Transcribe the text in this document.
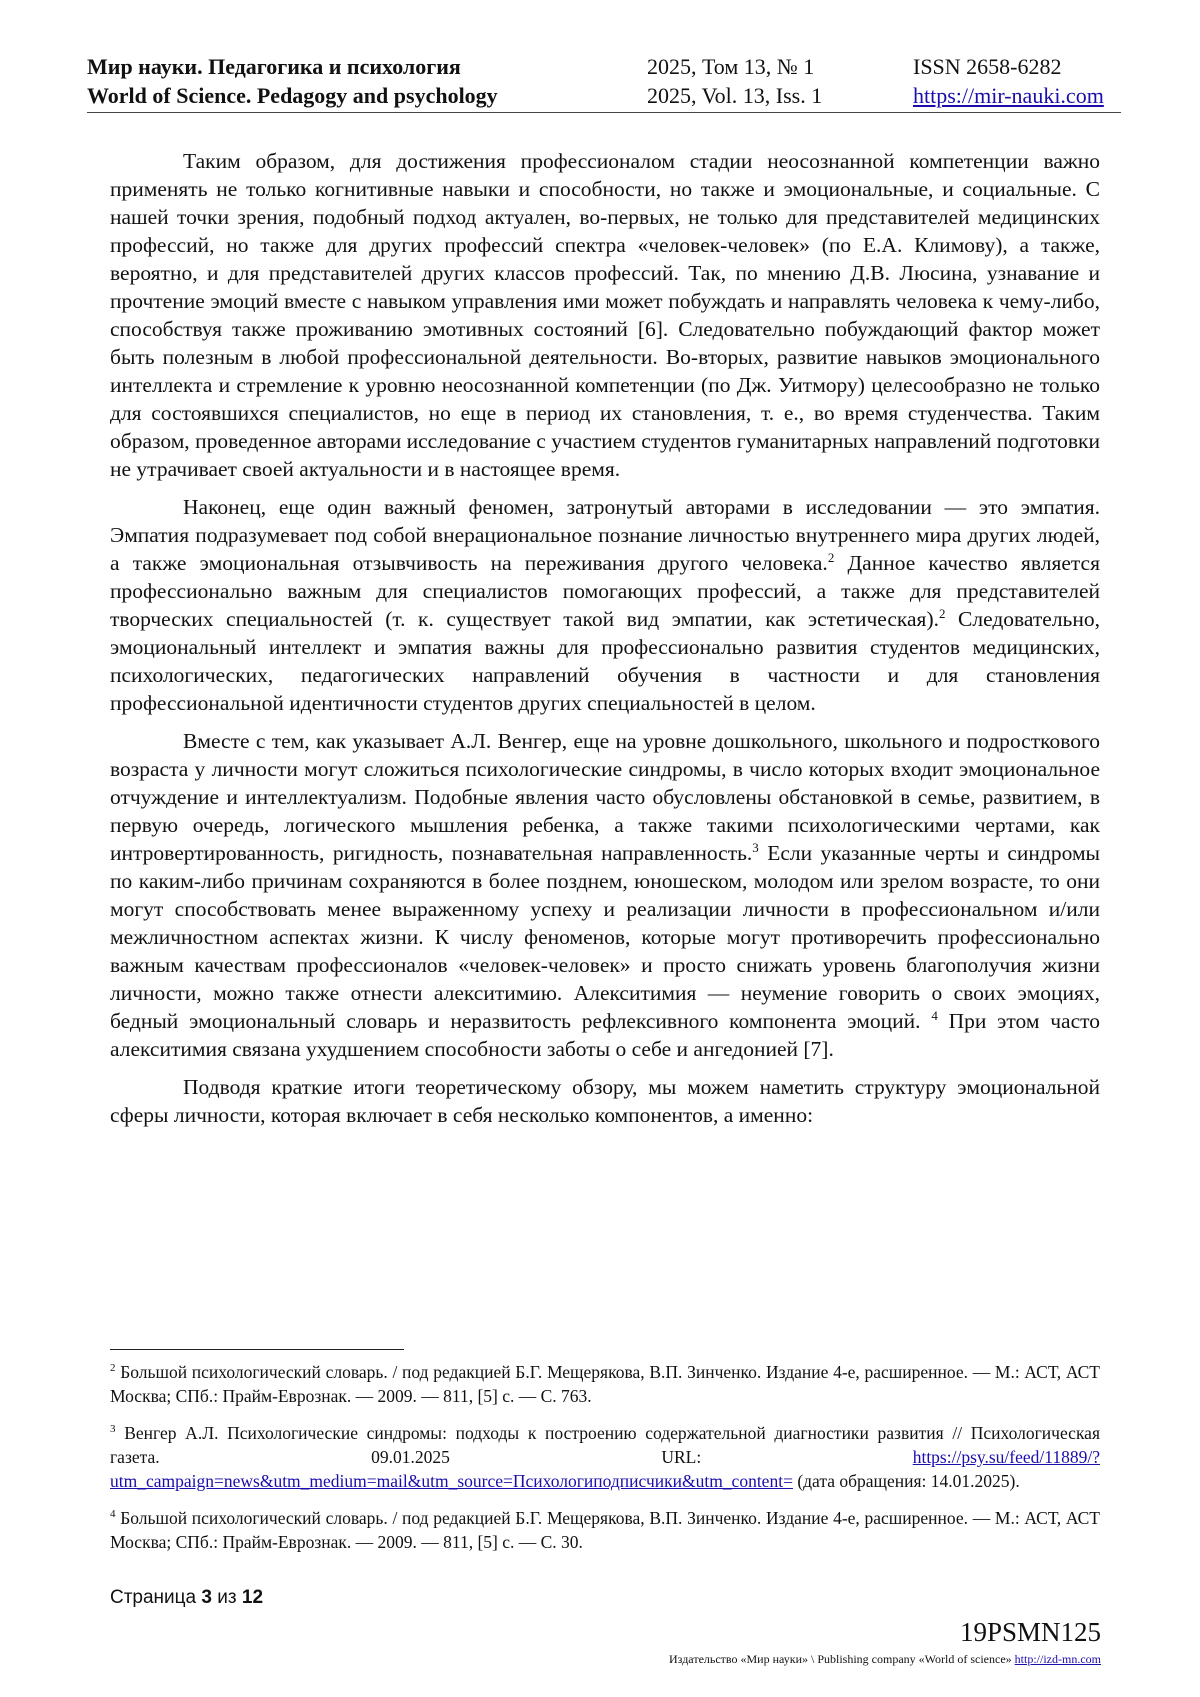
Мир науки. Педагогика и психология
World of Science. Pedagogy and psychology
2025, Том 13, № 1
2025, Vol. 13, Iss. 1
ISSN 2658-6282
https://mir-nauki.com

Таким образом, для достижения профессионалом стадии неосознанной компетенции важно применять не только когнитивные навыки и способности, но также и эмоциональные, и социальные. С нашей точки зрения, подобный подход актуален, во-первых, не только для представителей медицинских профессий, но также для других профессий спектра «человек-человек» (по Е.А. Климову), а также, вероятно, и для представителей других классов профессий. Так, по мнению Д.В. Люсина, узнавание и прочтение эмоций вместе с навыком управления ими может побуждать и направлять человека к чему-либо, способствуя также проживанию эмотивных состояний [6]. Следовательно побуждающий фактор может быть полезным в любой профессиональной деятельности. Во-вторых, развитие навыков эмоционального интеллекта и стремление к уровню неосознанной компетенции (по Дж. Уитмору) целесообразно не только для состоявшихся специалистов, но еще в период их становления, т. е., во время студенчества. Таким образом, проведенное авторами исследование с участием студентов гуманитарных направлений подготовки не утрачивает своей актуальности и в настоящее время.

Наконец, еще один важный феномен, затронутый авторами в исследовании — это эмпатия. Эмпатия подразумевает под собой внерациональное познание личностью внутреннего мира других людей, а также эмоциональная отзывчивость на переживания другого человека.$^2$ Данное качество является профессионально важным для специалистов помогающих профессий, а также для представителей творческих специальностей (т. к. существует такой вид эмпатии, как эстетическая).$^2$ Следовательно, эмоциональный интеллект и эмпатия важны для профессионально развития студентов медицинских, психологических, педагогических направлений обучения в частности и для становления профессиональной идентичности студентов других специальностей в целом.

Вместе с тем, как указывает А.Л. Венгер, еще на уровне дошкольного, школьного и подросткового возраста у личности могут сложиться психологические синдромы, в число которых входит эмоциональное отчуждение и интеллектуализм. Подобные явления часто обусловлены обстановкой в семье, развитием, в первую очередь, логического мышления ребенка, а также такими психологическими чертами, как интровертированность, ригидность, познавательная направленность.$^3$ Если указанные черты и синдромы по каким-либо причинам сохраняются в более позднем, юношеском, молодом или зрелом возрасте, то они могут способствовать менее выраженному успеху и реализации личности в профессиональном и/или межличностном аспектах жизни. К числу феноменов, которые могут противоречить профессионально важным качествам профессионалов «человек-человек» и просто снижать уровень благополучия жизни личности, можно также отнести алекситимию. Алекситимия — неумение говорить о своих эмоциях, бедный эмоциональный словарь и неразвитость рефлексивного компонента эмоций. $^4$ При этом часто алекситимия связана ухудшением способности заботы о себе и ангедонией [7].

Подводя краткие итоги теоретическому обзору, мы можем наметить структуру эмоциональной сферы личности, которая включает в себя несколько компонентов, а именно:

$^2$ Большой психологический словарь. / под редакцией Б.Г. Мещерякова, В.П. Зинченко. Издание 4-е, расширенное. — М.: АСТ, АСТ Москва; СПб.: Прайм-Еврознак. — 2009. — 811, [5] с. — С. 763.

$^3$ Венгер А.Л. Психологические синдромы: подходы к построению содержательной диагностики развития // Психологическая газета. 09.01.2025 URL: https://psy.su/feed/11889/?utm_campaign=news&utm_medium=mail&utm_source=Психологиподписчики&utm_content= (дата обращения: 14.01.2025).

$^4$ Большой психологический словарь. / под редакцией Б.Г. Мещерякова, В.П. Зинченко. Издание 4-е, расширенное. — М.: АСТ, АСТ Москва; СПб.: Прайм-Еврознак. — 2009. — 811, [5] с. — С. 30.

Страница 3 из 12
19PSMN125
Издательство «Мир науки» \ Publishing company «World of science» http://izd-mn.com
